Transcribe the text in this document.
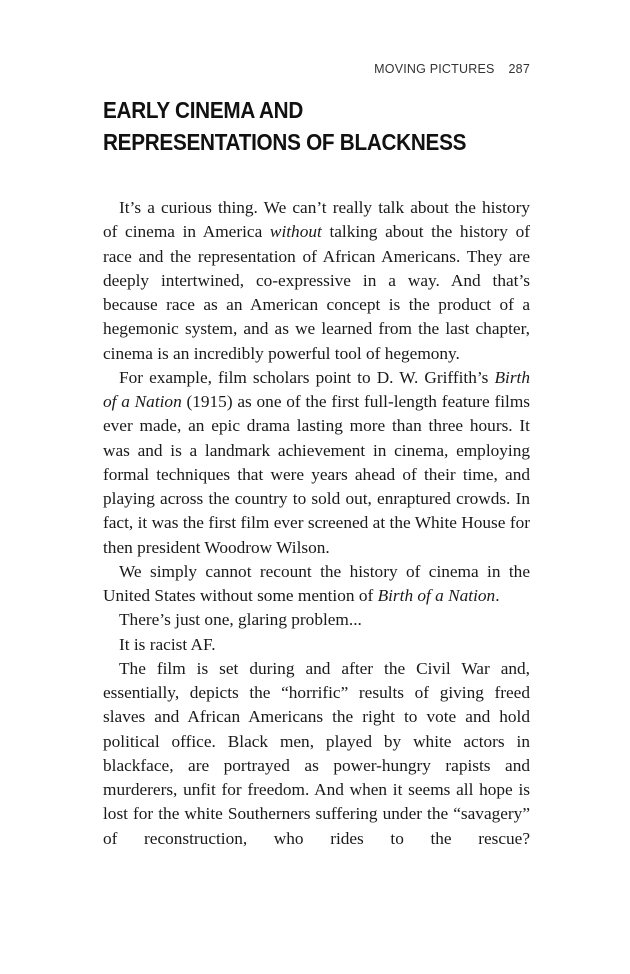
MOVING PICTURES 287
EARLY CINEMA AND REPRESENTATIONS OF BLACKNESS

It’s a curious thing. We can’t really talk about the history of cinema in America without talking about the history of race and the representation of African Americans. They are deeply intertwined, co-expressive in a way. And that’s because race as an American concept is the product of a hegemonic system, and as we learned from the last chapter, cinema is an incredibly powerful tool of hegemony.

For example, film scholars point to D. W. Griffith’s Birth of a Nation (1915) as one of the first full-length feature films ever made, an epic drama lasting more than three hours. It was and is a landmark achievement in cinema, employing formal techniques that were years ahead of their time, and playing across the country to sold out, enraptured crowds. In fact, it was the first film ever screened at the White House for then president Woodrow Wilson.

We simply cannot recount the history of cinema in the United States without some mention of Birth of a Nation.

There’s just one, glaring problem...

It is racist AF.

The film is set during and after the Civil War and, essentially, depicts the “horrific” results of giving freed slaves and African Americans the right to vote and hold political office. Black men, played by white actors in blackface, are portrayed as power-hungry rapists and murderers, unfit for freedom. And when it seems all hope is lost for the white Southerners suffering under the “savagery” of reconstruction, who rides to the rescue?
